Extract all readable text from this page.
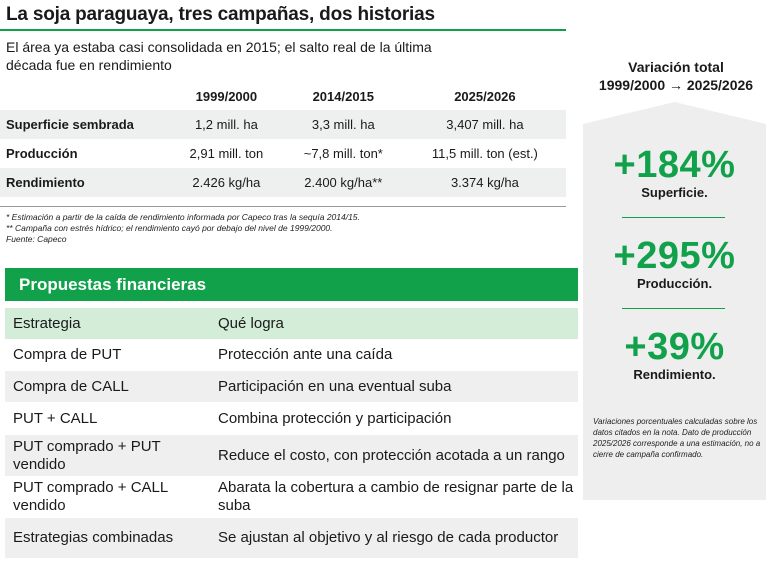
La soja paraguaya, tres campañas, dos historias
El área ya estaba casi consolidada en 2015; el salto real de la última década fue en rendimiento
	1999/2000	2014/2015	2025/2026
Superficie sembrada	1,2 mill. ha	3,3 mill. ha	3,407 mill. ha
Producción	2,91 mill. ton	~7,8 mill. ton*	11,5 mill. ton (est.)
Rendimiento	2.426 kg/ha	2.400 kg/ha**	3.374 kg/ha
* Estimación a partir de la caída de rendimiento informada por Capeco tras la sequía 2014/15.
** Campaña con estrés hídrico; el rendimiento cayó por debajo del nivel de 1999/2000.
Fuente: Capeco
Propuestas financieras
Estrategia	Qué logra
Compra de PUT	Protección ante una caída
Compra de CALL	Participación en una eventual suba
PUT + CALL	Combina protección y participación
PUT comprado + PUT vendido	Reduce el costo, con protección acotada a un rango
PUT comprado + CALL vendido	Abarata la cobertura a cambio de resignar parte de la suba
Estrategias combinadas	Se ajustan al objetivo y al riesgo de cada productor
Variación total
1999/2000 → 2025/2026
+184%
Superficie.
+295%
Producción.
+39%
Rendimiento.
Variaciones porcentuales calculadas sobre los datos citados en la nota. Dato de producción 2025/2026 corresponde a una estimación, no a cierre de campaña confirmado.
